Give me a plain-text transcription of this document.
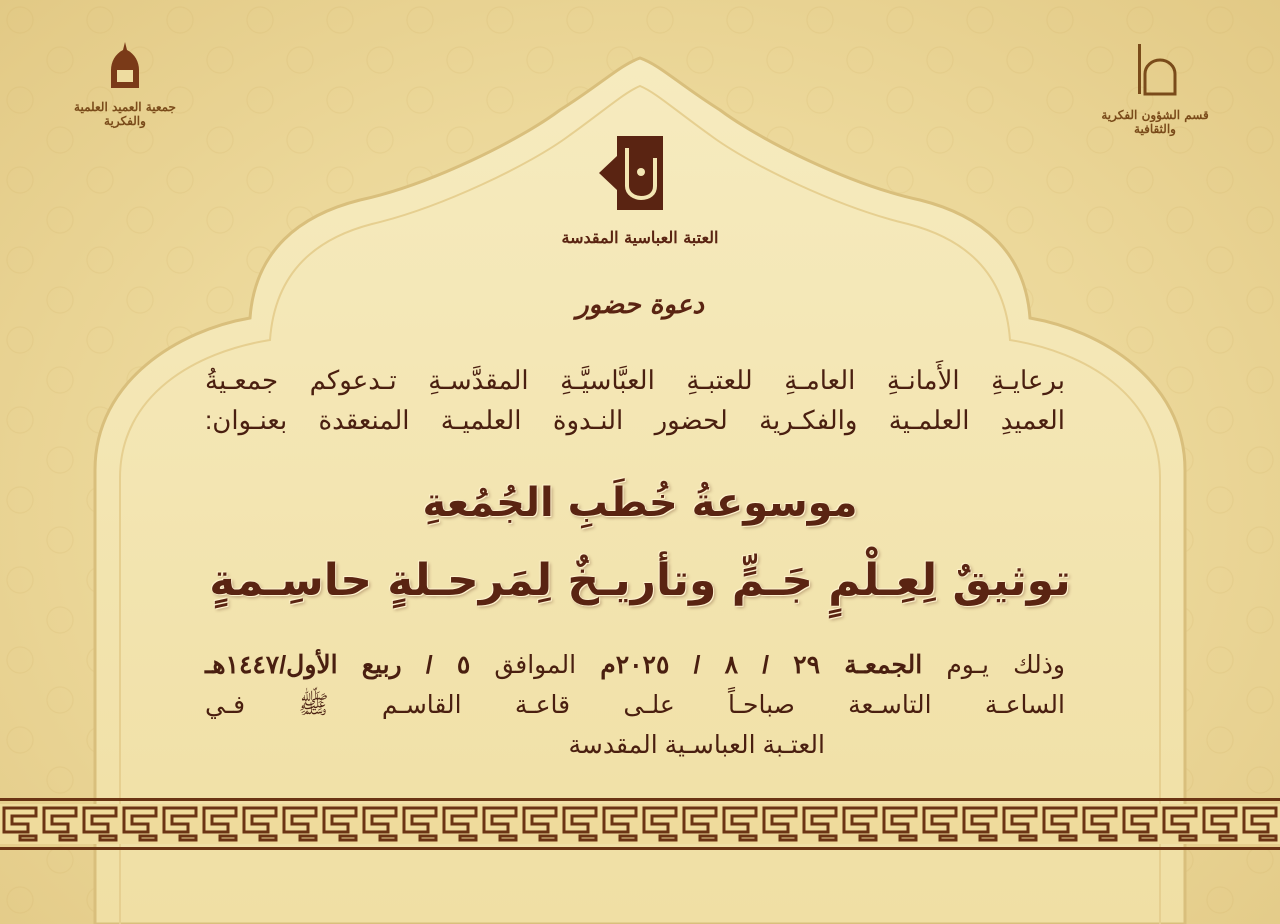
جمعية العميد العلمية والفكرية	قسم الشؤون الفكرية والثقافية
العتبة العباسية المقدسة
دعوة حضور
برعايـةِ الأَمانـةِ العامـةِ للعتبـةِ العبَّاسيَّـةِ المقدَّسـةِ تـدعوكم جمعـيةُ
العميدِ العلمـية والفكـرية لحضور النـدوة العلميـة المنعقدة بعنـوان:
موسوعةُ خُطَبِ الجُمُعةِ
توثيقٌ لِعِـلْمٍ جَـمٍّ وتأريـخٌ لِمَرحـلةٍ حاسِـمةٍ
وذلك يـوم الجمعـة ٢٩ / ٨ / ٢٠٢٥م الموافق ٥ / ربيع الأول/١٤٤٧هـ
الساعـة التاسـعة صباحـاً علـى قاعـة القاسـم ﷺ فـي
العتـبة العباسـية المقدسة
